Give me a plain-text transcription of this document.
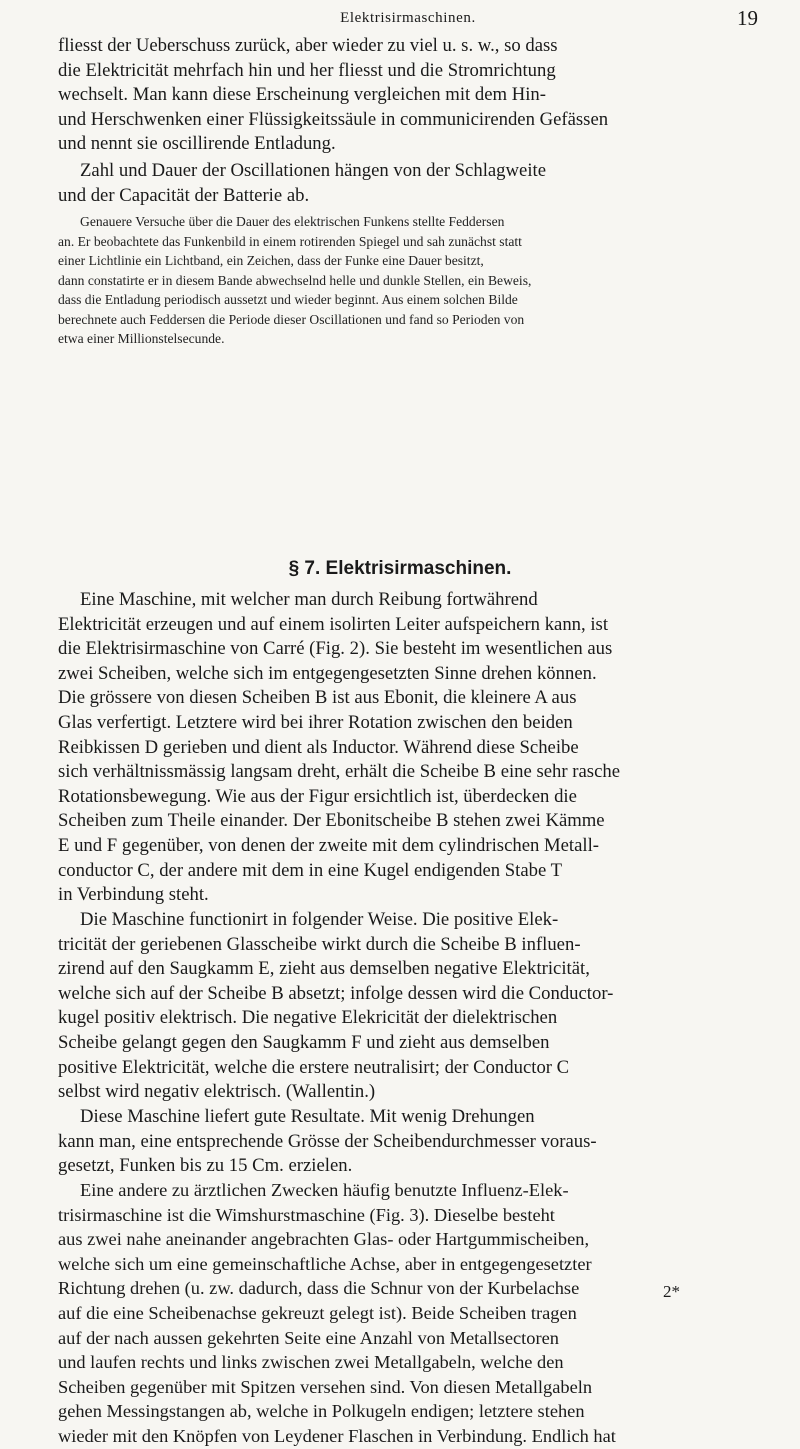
Elektrisirmaschinen.	19

fliesst der Ueberschuss zurück, aber wieder zu viel u. s. w., so dass
die Elektricität mehrfach hin und her fliesst und die Stromrichtung
wechselt. Man kann diese Erscheinung vergleichen mit dem Hin-
und Herschwenken einer Flüssigkeitssäule in communicirenden Gefässen
und nennt sie oscillirende Entladung.

Zahl und Dauer der Oscillationen hängen von der Schlagweite
und der Capacität der Batterie ab.

Genauere Versuche über die Dauer des elektrischen Funkens stellte Feddersen
an. Er beobachtete das Funkenbild in einem rotirenden Spiegel und sah zunächst statt
einer Lichtlinie ein Lichtband, ein Zeichen, dass der Funke eine Dauer besitzt,
dann constatirte er in diesem Bande abwechselnd helle und dunkle Stellen, ein Beweis,
dass die Entladung periodisch aussetzt und wieder beginnt. Aus einem solchen Bilde
berechnete auch Feddersen die Periode dieser Oscillationen und fand so Perioden von
etwa einer Millionstelsecunde.

§ 7. Elektrisirmaschinen.

Eine Maschine, mit welcher man durch Reibung fortwährend
Elektricität erzeugen und auf einem isolirten Leiter aufspeichern kann, ist
die Elektrisirmaschine von Carré (Fig. 2). Sie besteht im wesentlichen aus
zwei Scheiben, welche sich im entgegengesetzten Sinne drehen können.
Die grössere von diesen Scheiben B ist aus Ebonit, die kleinere A aus
Glas verfertigt. Letztere wird bei ihrer Rotation zwischen den beiden
Reibkissen D gerieben und dient als Inductor. Während diese Scheibe
sich verhältnissmässig langsam dreht, erhält die Scheibe B eine sehr rasche
Rotationsbewegung. Wie aus der Figur ersichtlich ist, überdecken die
Scheiben zum Theile einander. Der Ebonitscheibe B stehen zwei Kämme
E und F gegenüber, von denen der zweite mit dem cylindrischen Metall-
conductor C, der andere mit dem in eine Kugel endigenden Stabe T
in Verbindung steht.

Die Maschine functionirt in folgender Weise. Die positive Elek-
tricität der geriebenen Glasscheibe wirkt durch die Scheibe B influen-
zirend auf den Saugkamm E, zieht aus demselben negative Elektricität,
welche sich auf der Scheibe B absetzt; infolge dessen wird die Conductor-
kugel positiv elektrisch. Die negative Elekricität der dielektrischen
Scheibe gelangt gegen den Saugkamm F und zieht aus demselben
positive Elektricität, welche die erstere neutralisirt; der Conductor C
selbst wird negativ elektrisch. (Wallentin.)

Diese Maschine liefert gute Resultate. Mit wenig Drehungen
kann man, eine entsprechende Grösse der Scheibendurchmesser voraus-
gesetzt, Funken bis zu 15 Cm. erzielen.

Eine andere zu ärztlichen Zwecken häufig benutzte Influenz-Elek-
trisirmaschine ist die Wimshurstmaschine (Fig. 3). Dieselbe besteht
aus zwei nahe aneinander angebrachten Glas- oder Hartgummischeiben,
welche sich um eine gemeinschaftliche Achse, aber in entgegengesetzter
Richtung drehen (u. zw. dadurch, dass die Schnur von der Kurbelachse
auf die eine Scheibenachse gekreuzt gelegt ist). Beide Scheiben tragen
auf der nach aussen gekehrten Seite eine Anzahl von Metallsectoren
und laufen rechts und links zwischen zwei Metallgabeln, welche den
Scheiben gegenüber mit Spitzen versehen sind. Von diesen Metallgabeln
gehen Messingstangen ab, welche in Polkugeln endigen; letztere stehen
wieder mit den Knöpfen von Leydener Flaschen in Verbindung. Endlich hat

2*
